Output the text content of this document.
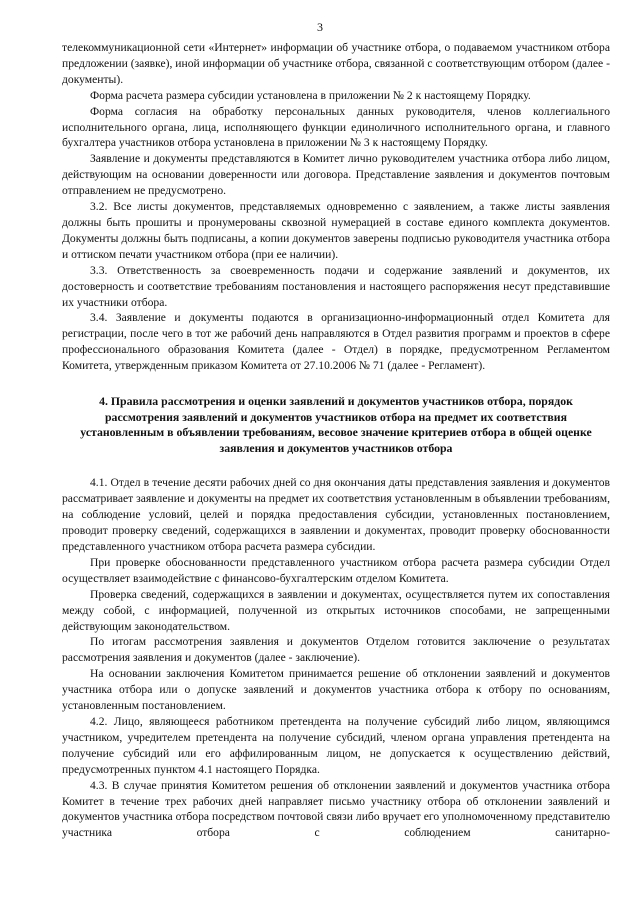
3

телекоммуникационной сети «Интернет» информации об участнике отбора, о подаваемом участником отбора предложении (заявке), иной информации об участнике отбора, связанной с соответствующим отбором (далее - документы).

Форма расчета размера субсидии установлена в приложении № 2 к настоящему Порядку.

Форма согласия на обработку персональных данных руководителя, членов коллегиального исполнительного органа, лица, исполняющего функции единоличного исполнительного органа, и главного бухгалтера участников отбора установлена в приложении № 3 к настоящему Порядку.

Заявление и документы представляются в Комитет лично руководителем участника отбора либо лицом, действующим на основании доверенности или договора. Представление заявления и документов почтовым отправлением не предусмотрено.

3.2. Все листы документов, представляемых одновременно с заявлением, а также листы заявления должны быть прошиты и пронумерованы сквозной нумерацией в составе единого комплекта документов. Документы должны быть подписаны, а копии документов заверены подписью руководителя участника отбора и оттиском печати участником отбора (при ее наличии).

3.3. Ответственность за своевременность подачи и содержание заявлений и документов, их достоверность и соответствие требованиям постановления и настоящего распоряжения несут представившие их участники отбора.

3.4. Заявление и документы подаются в организационно-информационный отдел Комитета для регистрации, после чего в тот же рабочий день направляются в Отдел развития программ и проектов в сфере профессионального образования Комитета (далее - Отдел) в порядке, предусмотренном Регламентом Комитета, утвержденным приказом Комитета от 27.10.2006 № 71 (далее - Регламент).

4. Правила рассмотрения и оценки заявлений и документов участников отбора, порядок рассмотрения заявлений и документов участников отбора на предмет их соответствия установленным в объявлении требованиям, весовое значение критериев отбора в общей оценке заявления и документов участников отбора

4.1. Отдел в течение десяти рабочих дней со дня окончания даты представления заявления и документов рассматривает заявление и документы на предмет их соответствия установленным в объявлении требованиям, на соблюдение условий, целей и порядка предоставления субсидии, установленных постановлением, проводит проверку сведений, содержащихся в заявлении и документах, проводит проверку обоснованности представленного участником отбора расчета размера субсидии.

При проверке обоснованности представленного участником отбора расчета размера субсидии Отдел осуществляет взаимодействие с финансово-бухгалтерским отделом Комитета.

Проверка сведений, содержащихся в заявлении и документах, осуществляется путем их сопоставления между собой, с информацией, полученной из открытых источников способами, не запрещенными действующим законодательством.

По итогам рассмотрения заявления и документов Отделом готовится заключение о результатах рассмотрения заявления и документов (далее - заключение).

На основании заключения Комитетом принимается решение об отклонении заявлений и документов участника отбора или о допуске заявлений и документов участника отбора к отбору по основаниям, установленным постановлением.

4.2. Лицо, являющееся работником претендента на получение субсидий либо лицом, являющимся участником, учредителем претендента на получение субсидий, членом органа управления претендента на получение субсидий или его аффилированным лицом, не допускается к осуществлению действий, предусмотренных пунктом 4.1 настоящего Порядка.

4.3. В случае принятия Комитетом решения об отклонении заявлений и документов участника отбора Комитет в течение трех рабочих дней направляет письмо участнику отбора об отклонении заявлений и документов участника отбора посредством почтовой связи либо вручает его уполномоченному представителю участника отбора с соблюдением санитарно-
